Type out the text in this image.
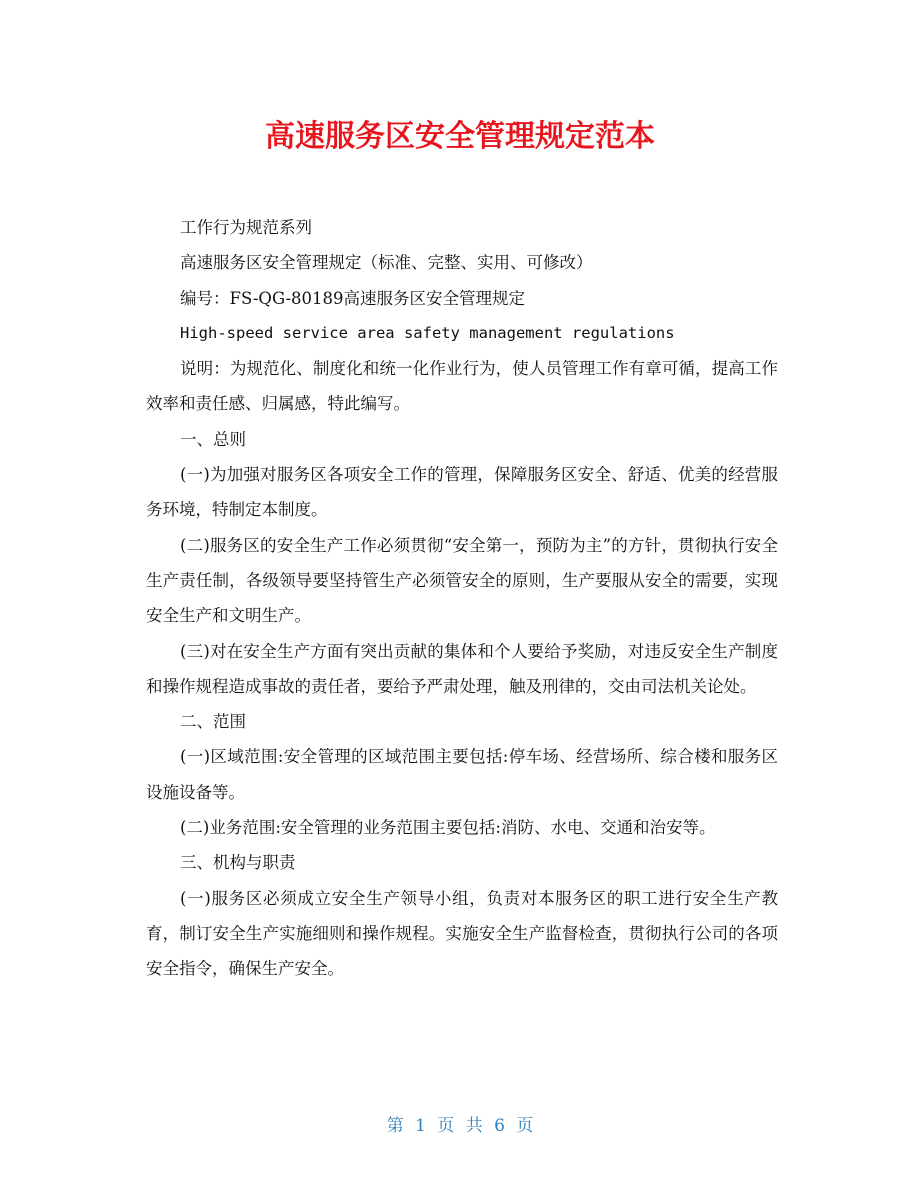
高速服务区安全管理规定范本

工作行为规范系列

高速服务区安全管理规定（标准、完整、实用、可修改）

编号：FS-QG-80189高速服务区安全管理规定

High-speed service area safety management regulations

说明：为规范化、制度化和统一化作业行为，使人员管理工作有章可循，提高工作效率和责任感、归属感，特此编写。

一、总则

(一)为加强对服务区各项安全工作的管理，保障服务区安全、舒适、优美的经营服务环境，特制定本制度。

(二)服务区的安全生产工作必须贯彻“安全第一，预防为主”的方针，贯彻执行安全生产责任制，各级领导要坚持管生产必须管安全的原则，生产要服从安全的需要，实现安全生产和文明生产。

(三)对在安全生产方面有突出贡献的集体和个人要给予奖励，对违反安全生产制度和操作规程造成事故的责任者，要给予严肃处理，触及刑律的，交由司法机关论处。

二、范围

(一)区域范围:安全管理的区域范围主要包括:停车场、经营场所、综合楼和服务区设施设备等。

(二)业务范围:安全管理的业务范围主要包括:消防、水电、交通和治安等。

三、机构与职责

(一)服务区必须成立安全生产领导小组，负责对本服务区的职工进行安全生产教育，制订安全生产实施细则和操作规程。实施安全生产监督检查，贯彻执行公司的各项安全指令，确保生产安全。

第 1 页 共 6 页
